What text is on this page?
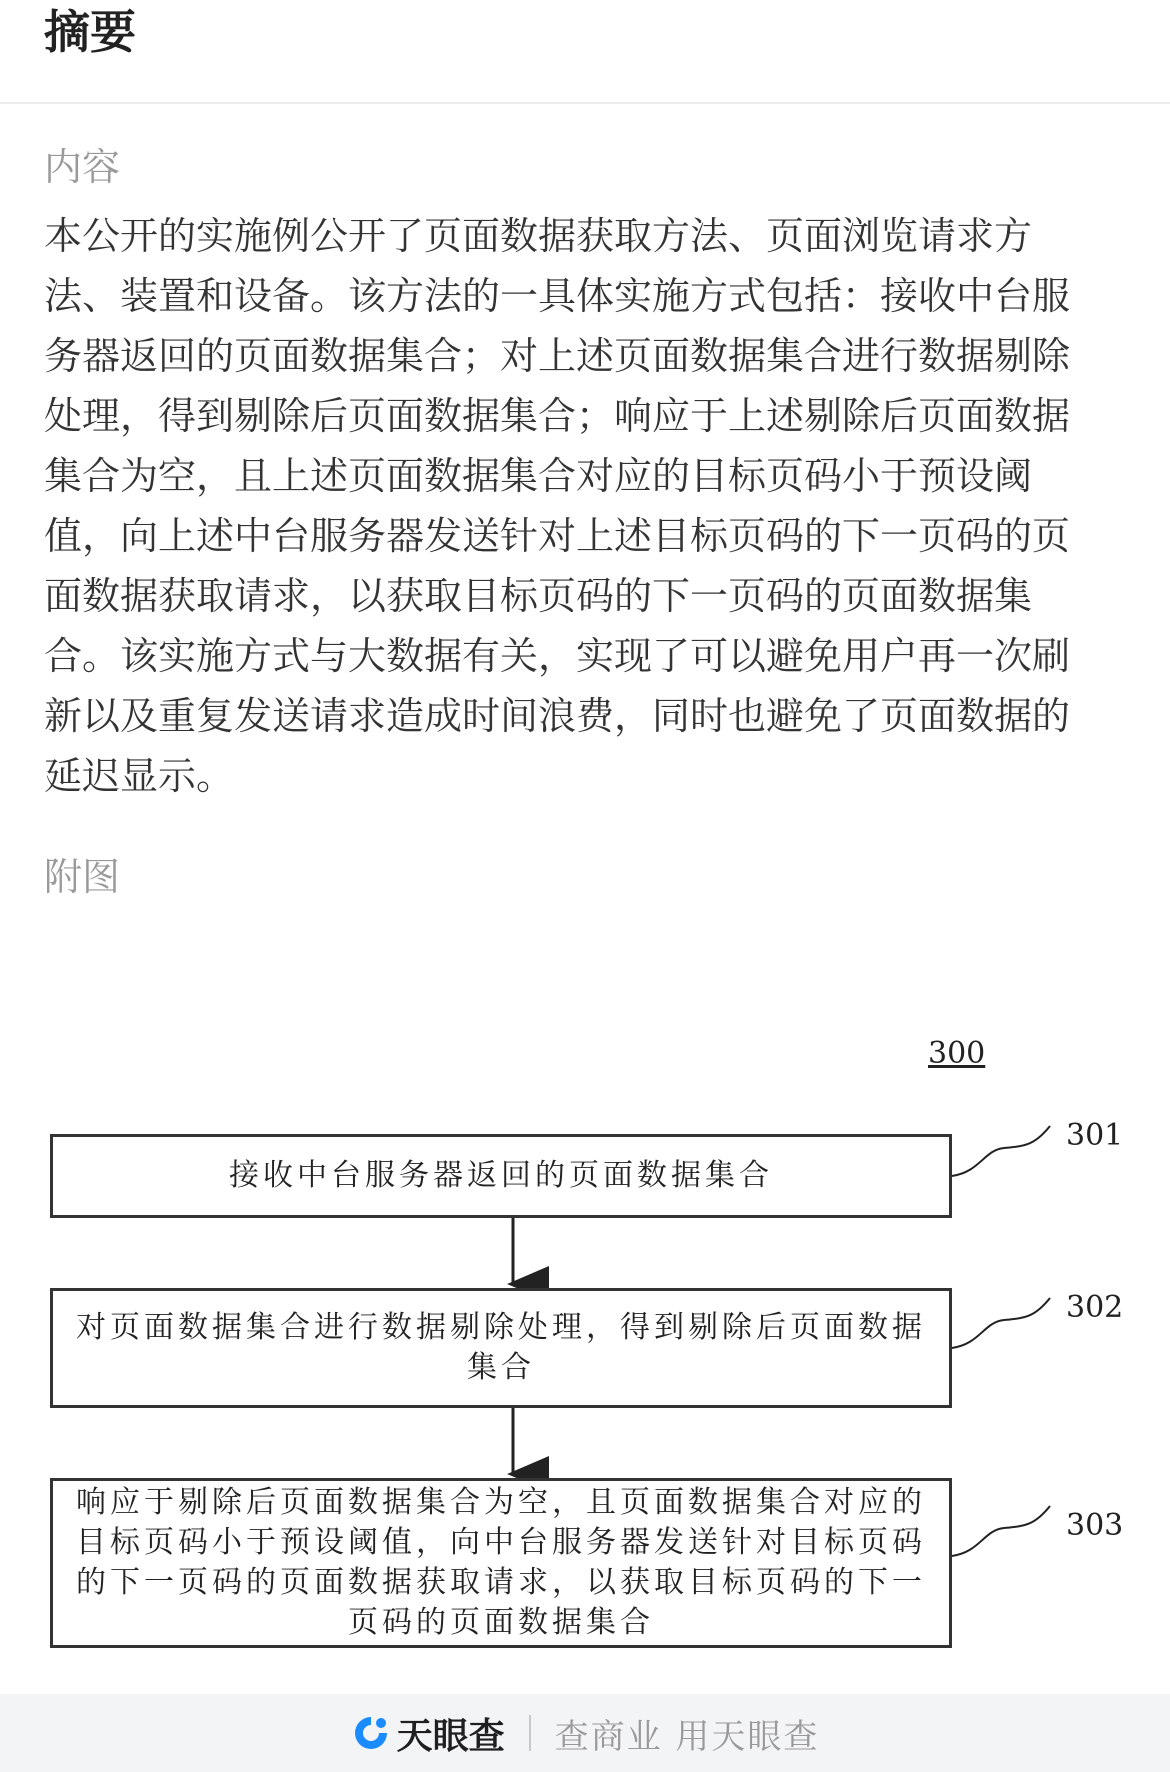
摘要
内容

本公开的实施例公开了页面数据获取方法、页面浏览请求方法、装置和设备。该方法的一具体实施方式包括：接收中台服务器返回的页面数据集合；对上述页面数据集合进行数据剔除处理，得到剔除后页面数据集合；响应于上述剔除后页面数据集合为空，且上述页面数据集合对应的目标页码小于预设阈值，向上述中台服务器发送针对上述目标页码的下一页码的页面数据获取请求，以获取目标页码的下一页码的页面数据集合。该实施方式与大数据有关，实现了可以避免用户再一次刷新以及重复发送请求造成时间浪费，同时也避免了页面数据的延迟显示。

附图
300
接收中台服务器返回的页面数据集合
301
对页面数据集合进行数据剔除处理，得到剔除后页面数据集合
302
响应于剔除后页面数据集合为空，且页面数据集合对应的目标页码小于预设阈值，向中台服务器发送针对目标页码的下一页码的页面数据获取请求，以获取目标页码的下一页码的页面数据集合
303
天眼查 查商业 用天眼查
